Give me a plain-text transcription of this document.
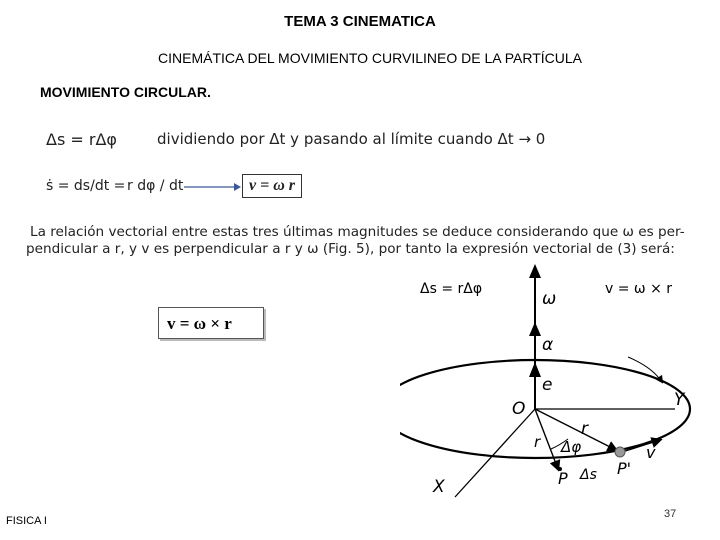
TEMA 3 CINEMATICA
CINEMÁTICA DEL MOVIMIENTO CURVILINEO DE LA PARTÍCULA
MOVIMIENTO CIRCULAR.
Δs = rΔφ	dividiendo por Δt y pasando al límite cuando Δt → 0
ṡ = ds/dt = r dφ / dt	v = ω r
La relación vectorial entre estas tres últimas magnitudes se deduce considerando que ω es per-
pendicular a r, y v es perpendicular a r y ω (Fig. 5), por tanto la expresión vectorial de (3) será:
v = ω × r
Δs = rΔφ	v = ω × r
ω
α
e
O	Y
X
r
r Δφ
P
P'
Δs
v
FISICA I
37
